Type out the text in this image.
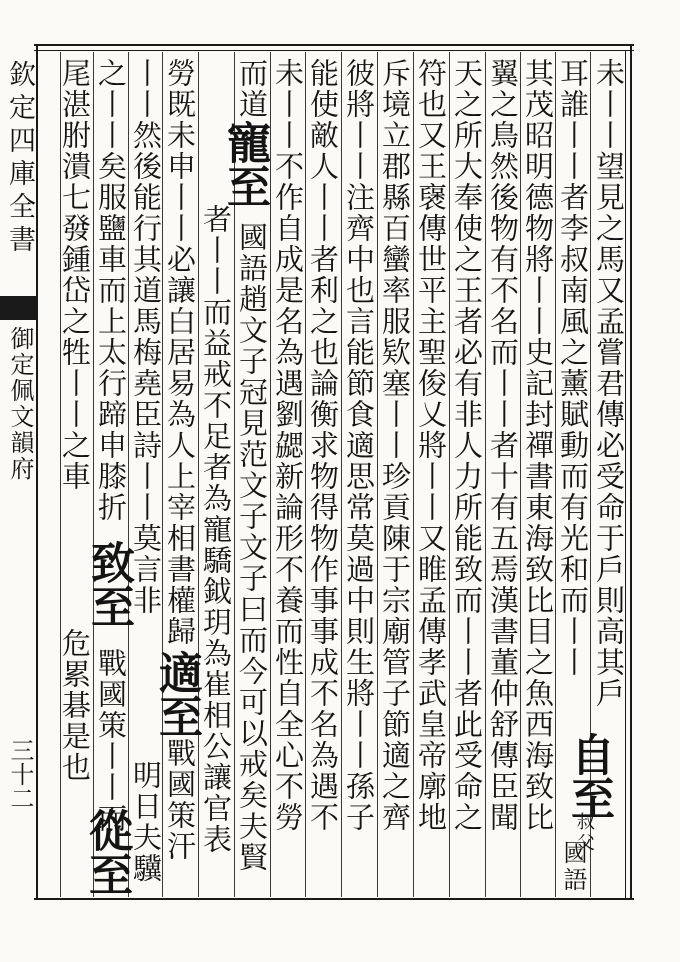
欽定四庫全書
御定佩文韻府
三十二
未丨丨望見之馬又孟嘗君傳必受命于戶則高其戶
耳誰丨丨者李叔南風之薰賦動而有光和而丨丨
國語
叔父
其茂昭明德物將丨丨史記封禪書東海致比目之魚西海致比
翼之鳥然後物有不名而丨丨者十有五焉漢書董仲舒傳臣聞
天之所大奉使之王者必有非人力所能致而丨丨者此受命之
符也又王襃傳世平主聖俊乂將丨丨又睢孟傳孝武皇帝廓地
斥境立郡縣百蠻率服欵塞丨丨珍貢陳于宗廟管子節適之齊
彼將丨丨注齊中也言能節食適思常莫過中則生將丨丨孫子
能使敵人丨丨者利之也論衡求物得物作事事成不名為遇不
未丨丨不作自成是名為遇劉勰新論形不養而性自全心不勞
而道
國語趙文子冠見范文子文子曰而今可以戒矣夫賢
者丨丨而益戒不足者為寵驕鉞玥為崔相公讓官表
勞既未申丨丨必讓白居易為人上宰相書權歸
戰國策汗
丨丨然後能行其道馬梅堯臣詩丨丨莫言非
明日夫驥
之丨丨矣服鹽車而上太行蹄申膝折
戰國策丨丨而
尾湛胕潰七發鍾岱之牲丨丨之車
危累碁是也	自至
寵至
致至
適至
從至
